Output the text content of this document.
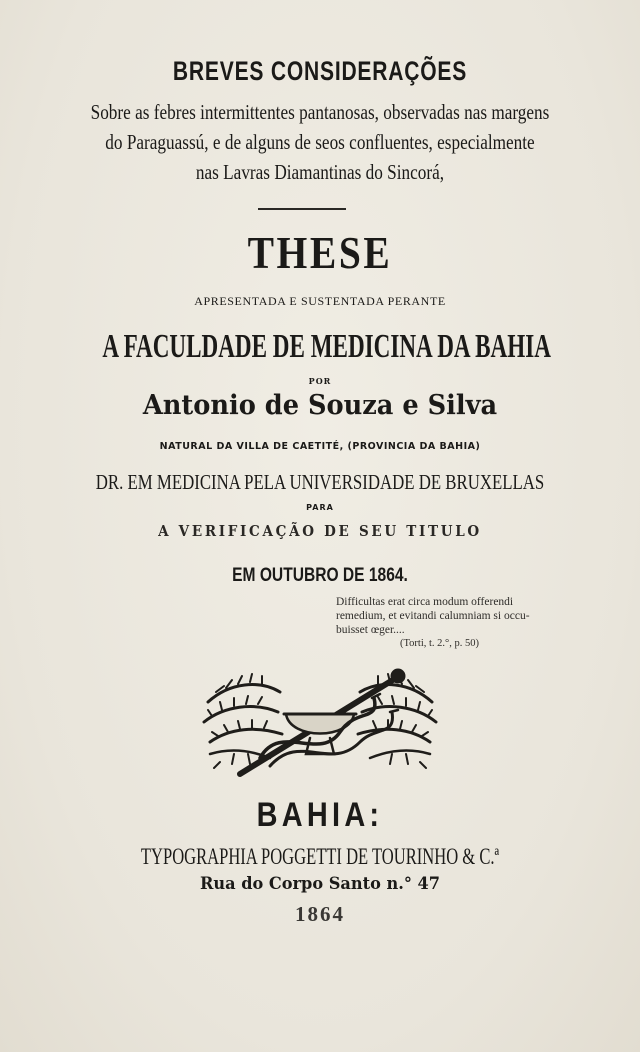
BREVES CONSIDERAÇÕES
Sobre as febres intermittentes pantanosas, observadas nas margens
do Paraguassú, e de alguns de seos confluentes, especialmente
nas Lavras Diamantinas do Sincorá,
THESE
APRESENTADA E SUSTENTADA PERANTE
A FACULDADE DE MEDICINA DA BAHIA
POR
Antonio de Souza e Silva
NATURAL DA VILLA DE CAETITÉ, (PROVINCIA DA BAHIA)
DR. EM MEDICINA PELA UNIVERSIDADE DE BRUXELLAS
PARA
A VERIFICAÇÃO DE SEU TITULO
EM OUTUBRO DE 1864.
Difficultas erat circa modum offerendi
remedium, et evitandi calumniam si occu-
buisset œger....
(Torti, t. 2.°, p. 50)
BAHIA:
TYPOGRAPHIA POGGETTI DE TOURINHO & C.ª
Rua do Corpo Santo n.° 47
1864
